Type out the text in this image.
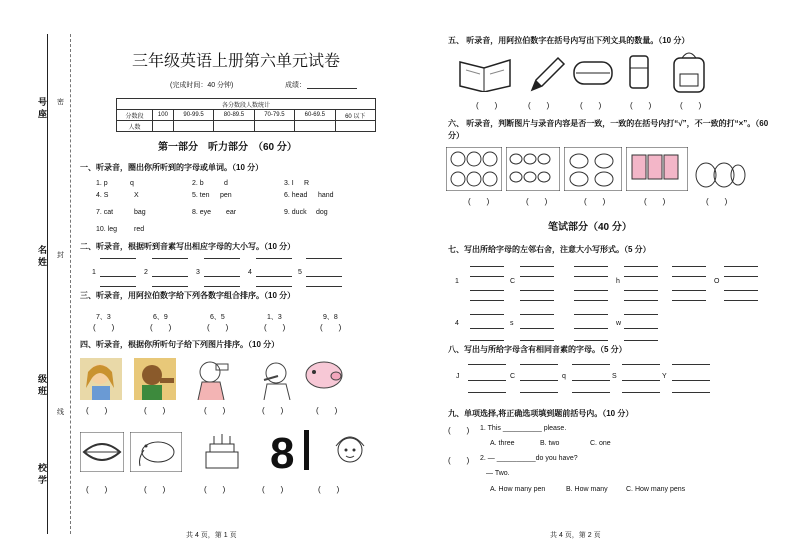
号
座
名
姓
级
班
校
学
密
封
线
三年级英语上册第六单元试卷
(完成时间：40 分钟)	成绩：
各分数段人数统计						
分数段	100	90-99.5	80-89.5	70-79.5	60-69.5	60 以下
人数						
第一部分　听力部分　（60 分）
一、听录音，圈出你所听到的字母或单词。（10 分）
1. p	q	2. b	d	3. I R
4. S	X	5. ten pen	6. head hand
7. cat	bag	8. eye ear	9. duck dog
10. leg red
二、听录音，根据听到音素写出相应字母的大小写。（10 分）
1	2	3	4	5
三、听录音，用阿拉伯数字给下列各数字组合排序。（10 分）
7、3	6、9	6、5	1、3	9、8
(　　)	(　　)	(　　)	(　　)	(　　)
四、听录音，根据你所听句子给下列图片排序。（10 分）
(　　)	(　　)	(　　)	(　　)	(　　)
8
(　　)	(　　)	(　　)	(　　)	(　　)
共 4 页，第 1 页
五、 听录音，用阿拉伯数字在括号内写出下列文具的数量。（10 分）
(　　)	(　　)	(　　)	(　　)	(　　)
六、 听录音，判断图片与录音内容是否一致，一致的在括号内打“√”，不一致的打“×”。（60 分）
(　　)	(　　)	(　　)	(　　)	(　　)
笔试部分（40 分）
七、写出所给字母的左邻右舍，注意大小写形式。（5 分）
1	C	h	O
4	s	w
八、写出与所给字母含有相同音素的字母。（5 分）
J	C	q	S	Y
九、单项选择,将正确选项填到题前括号内。（10 分）
(　　) 1. This __________ please.
A. three	B. two	C. one
(　　) 2. — __________do you have?
— Two.
A. How many pen	B. How many	C. How many pens
共 4 页，第 2 页
